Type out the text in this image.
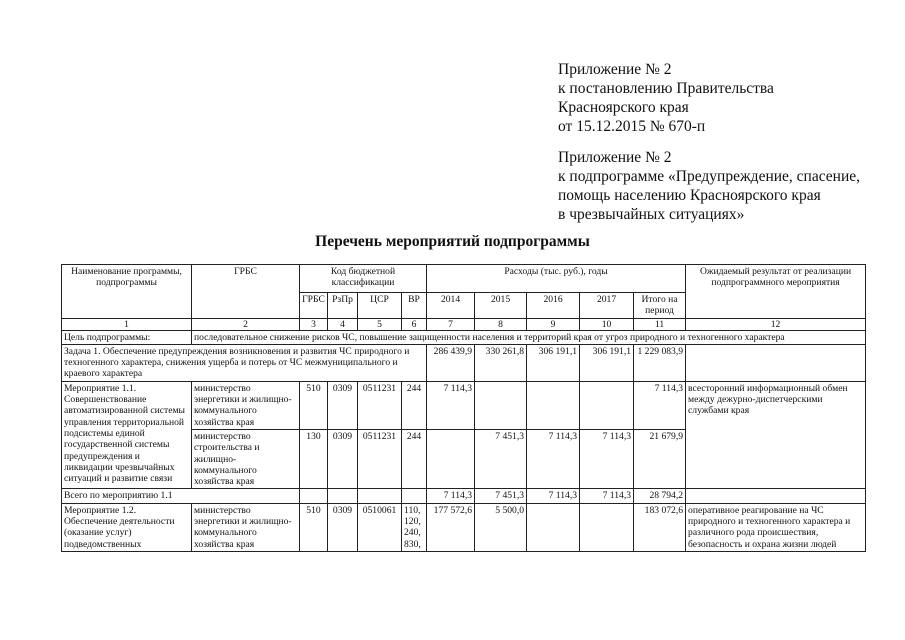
Приложение № 2
к постановлению Правительства
Красноярского края
от 15.12.2015 № 670-п
Приложение № 2
к подпрограмме «Предупреждение, спасение,
помощь населению Красноярского края
в чрезвычайных ситуациях»
Перечень мероприятий подпрограммы
Наименование программы, подпрограммы	ГРБС	Код бюджетной классификации				Расходы (тыс. руб.), годы					Ожидаемый результат от реализации подпрограммного мероприятия
		ГРБС	РзПр	ЦСР	ВР	2014	2015	2016	2017	Итого на период	
1	2	3	4	5	6	7	8	9	10	11	12
Цель подпрограммы:	последовательное снижение рисков ЧС, повышение защищенности населения и территорий края от угроз природного и техногенного характера										
Задача 1. Обеспечение предупреждения возникновения и развития ЧС природного и техногенного характера, снижения ущерба и потерь от ЧС межмуниципального и краевого характера						286 439,9	330 261,8	306 191,1	306 191,1	1 229 083,9	
Мероприятие 1.1. Совершенствование автоматизированной системы управления территориальной подсистемы единой государственной системы предупреждения и ликвидации чрезвычайных ситуаций и развитие связи	министерство энергетики и жилищно-коммунального хозяйства края	510	0309	0511231	244	7 114,3				7 114,3	всесторонний информационный обмен между дежурно-диспетчерскими службами края
	министерство строительства и жилищно-коммунального хозяйства края	130	0309	0511231	244		7 451,3	7 114,3	7 114,3	21 679,9	
Всего по мероприятию 1.1						7 114,3	7 451,3	7 114,3	7 114,3	28 794,2	
Мероприятие 1.2. Обеспечение деятельности (оказание услуг) подведомственных	министерство энергетики и жилищно-коммунального хозяйства края	510	0309	0510061	110, 120, 240, 830,	177 572,6	5 500,0			183 072,6	оперативное реагирование на ЧС природного и техногенного характера и различного рода происшествия, безопасность и охрана жизни людей
